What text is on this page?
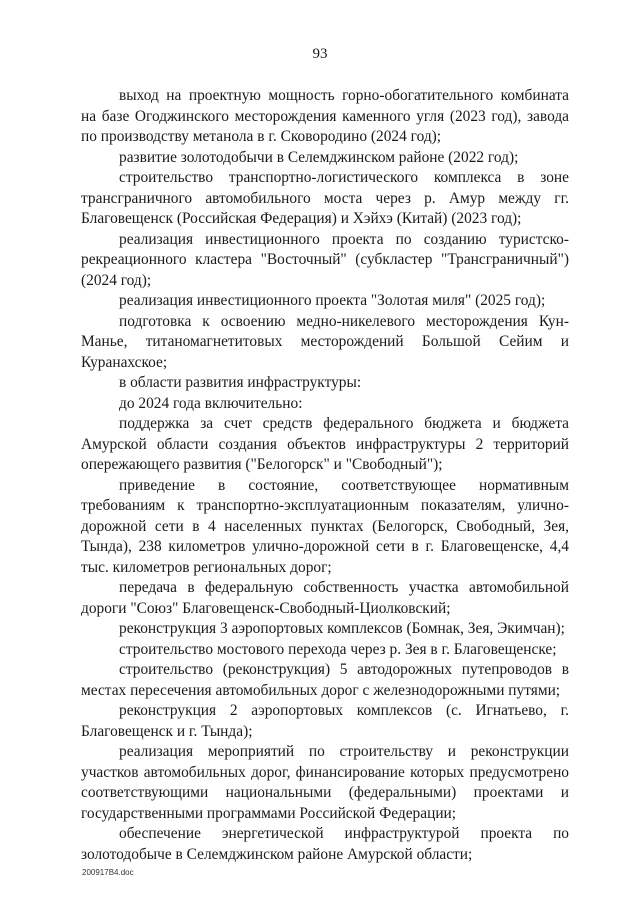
93

выход на проектную мощность горно-обогатительного комбината на базе Огоджинского месторождения каменного угля (2023 год), завода по производству метанола в г. Сковородино (2024 год);

развитие золотодобычи в Селемджинском районе (2022 год);

строительство транспортно-логистического комплекса в зоне трансграничного автомобильного моста через р. Амур между гг. Благовещенск (Российская Федерация) и Хэйхэ (Китай) (2023 год);

реализация инвестиционного проекта по созданию туристско-рекреационного кластера "Восточный" (субкластер "Трансграничный") (2024 год);

реализация инвестиционного проекта "Золотая миля" (2025 год);

подготовка к освоению медно-никелевого месторождения Кун-Манье, титаномагнетитовых месторождений Большой Сейим и Куранахское;

в области развития инфраструктуры:

до 2024 года включительно:

поддержка за счет средств федерального бюджета и бюджета Амурской области создания объектов инфраструктуры 2 территорий опережающего развития ("Белогорск" и "Свободный");

приведение в состояние, соответствующее нормативным требованиям к транспортно-эксплуатационным показателям, улично-дорожной сети в 4 населенных пунктах (Белогорск, Свободный, Зея, Тында), 238 километров улично-дорожной сети в г. Благовещенске, 4,4 тыс. километров региональных дорог;

передача в федеральную собственность участка автомобильной дороги "Союз" Благовещенск-Свободный-Циолковский;

реконструкция 3 аэропортовых комплексов (Бомнак, Зея, Экимчан);

строительство мостового перехода через р. Зея в г. Благовещенске;

строительство (реконструкция) 5 автодорожных путепроводов в местах пересечения автомобильных дорог с железнодорожными путями;

реконструкция 2 аэропортовых комплексов (с. Игнатьево, г. Благовещенск и г. Тында);

реализация мероприятий по строительству и реконструкции участков автомобильных дорог, финансирование которых предусмотрено соответствующими национальными (федеральными) проектами и государственными программами Российской Федерации;

обеспечение энергетической инфраструктурой проекта по золотодобыче в Селемджинском районе Амурской области;

200917В4.doc
